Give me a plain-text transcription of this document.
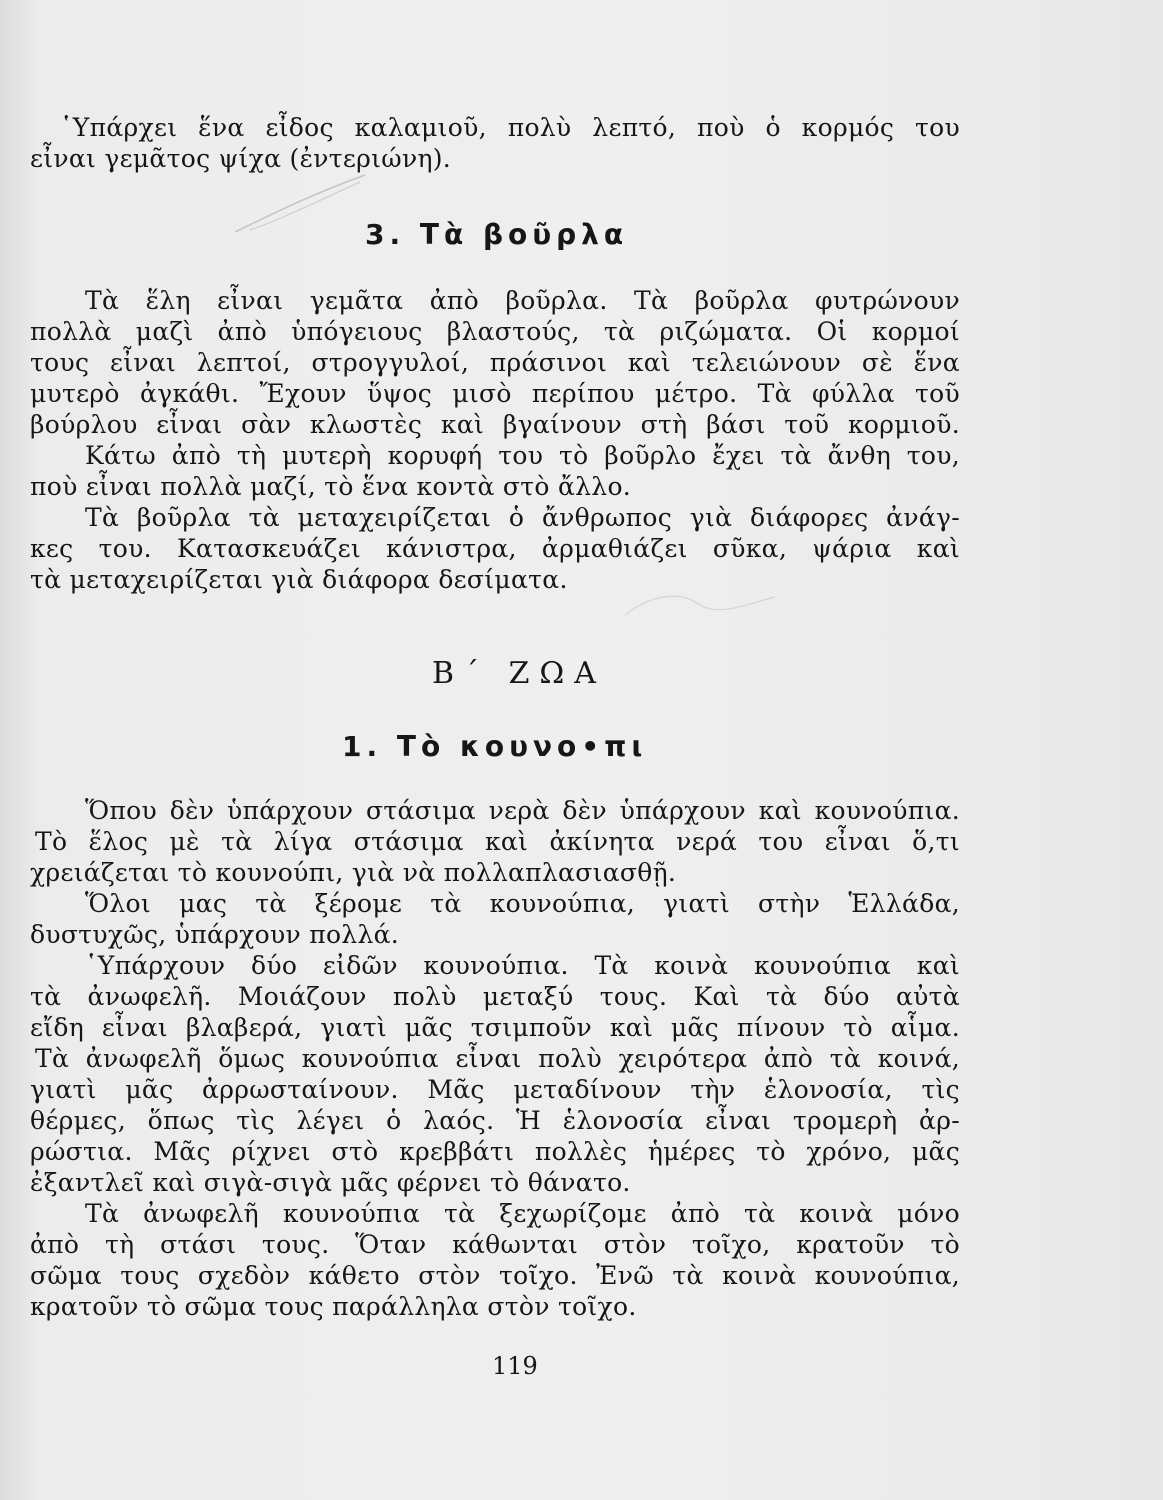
῾Υπάρχει ἕνα εἶδος καλαμιοῦ, πολὺ λεπτό, ποὺ ὁ κορμός του
εἶναι γεμᾶτος ψίχα (ἐντεριώνη).
3. Τὰ βοῦρλα
Τὰ ἕλη εἶναι γεμᾶτα ἀπὸ βοῦρλα. Τὰ βοῦρλα φυτρώνουν
πολλὰ μαζὶ ἀπὸ ὑπόγειους βλαστούς, τὰ ριζώματα. Οἱ κορμοί
τους εἶναι λεπτοί, στρογγυλοί, πράσινοι καὶ τελειώνουν σὲ ἕνα
μυτερὸ ἀγκάθι. Ἔχουν ὕψος μισὸ περίπου μέτρο. Τὰ φύλλα τοῦ
βούρλου εἶναι σὰν κλωστὲς καὶ βγαίνουν στὴ βάσι τοῦ κορμιοῦ.
Κάτω ἀπὸ τὴ μυτερὴ κορυφή του τὸ βοῦρλο ἔχει τὰ ἄνθη του,
ποὺ εἶναι πολλὰ μαζί, τὸ ἕνα κοντὰ στὸ ἄλλο.
Τὰ βοῦρλα τὰ μεταχειρίζεται ὁ ἄνθρωπος γιὰ διάφορες ἀνάγ-
κες του. Κατασκευάζει κάνιστρα, ἀρμαθιάζει σῦκα, ψάρια καὶ
τὰ μεταχειρίζεται γιὰ διάφορα δεσίματα.
Β΄ ΖΩΑ
1. Τὸ κουνο•πι
Ὅπου δὲν ὑπάρχουν στάσιμα νερὰ δὲν ὑπάρχουν καὶ κουνούπια.
Τὸ ἕλος μὲ τὰ λίγα στάσιμα καὶ ἀκίνητα νερά του εἶναι ὅ,τι
χρειάζεται τὸ κουνούπι, γιὰ νὰ πολλαπλασιασθῇ.
Ὅλοι μας τὰ ξέρομε τὰ κουνούπια, γιατὶ στὴν Ἑλλάδα,
δυστυχῶς, ὑπάρχουν πολλά.
῾Υπάρχουν δύο εἰδῶν κουνούπια. Τὰ κοινὰ κουνούπια καὶ
τὰ ἀνωφελῆ. Μοιάζουν πολὺ μεταξύ τους. Καὶ τὰ δύο αὐτὰ
εἴδη εἶναι βλαβερά, γιατὶ μᾶς τσιμποῦν καὶ μᾶς πίνουν τὸ αἷμα.
Τὰ ἀνωφελῆ ὅμως κουνούπια εἶναι πολὺ χειρότερα ἀπὸ τὰ κοινά,
γιατὶ μᾶς ἀρρωσταίνουν. Μᾶς μεταδίνουν τὴν ἑλονοσία, τὶς
θέρμες, ὅπως τὶς λέγει ὁ λαός. Ἡ ἑλονοσία εἶναι τρομερὴ ἀρ-
ρώστια. Μᾶς ρίχνει στὸ κρεββάτι πολλὲς ἡμέρες τὸ χρόνο, μᾶς
ἐξαντλεῖ καὶ σιγὰ-σιγὰ μᾶς φέρνει τὸ θάνατο.
Τὰ ἀνωφελῆ κουνούπια τὰ ξεχωρίζομε ἀπὸ τὰ κοινὰ μόνο
ἀπὸ τὴ στάσι τους. Ὅταν κάθωνται στὸν τοῖχο, κρατοῦν τὸ
σῶμα τους σχεδὸν κάθετο στὸν τοῖχο. Ἐνῶ τὰ κοινὰ κουνούπια,
κρατοῦν τὸ σῶμα τους παράλληλα στὸν τοῖχο.
119
